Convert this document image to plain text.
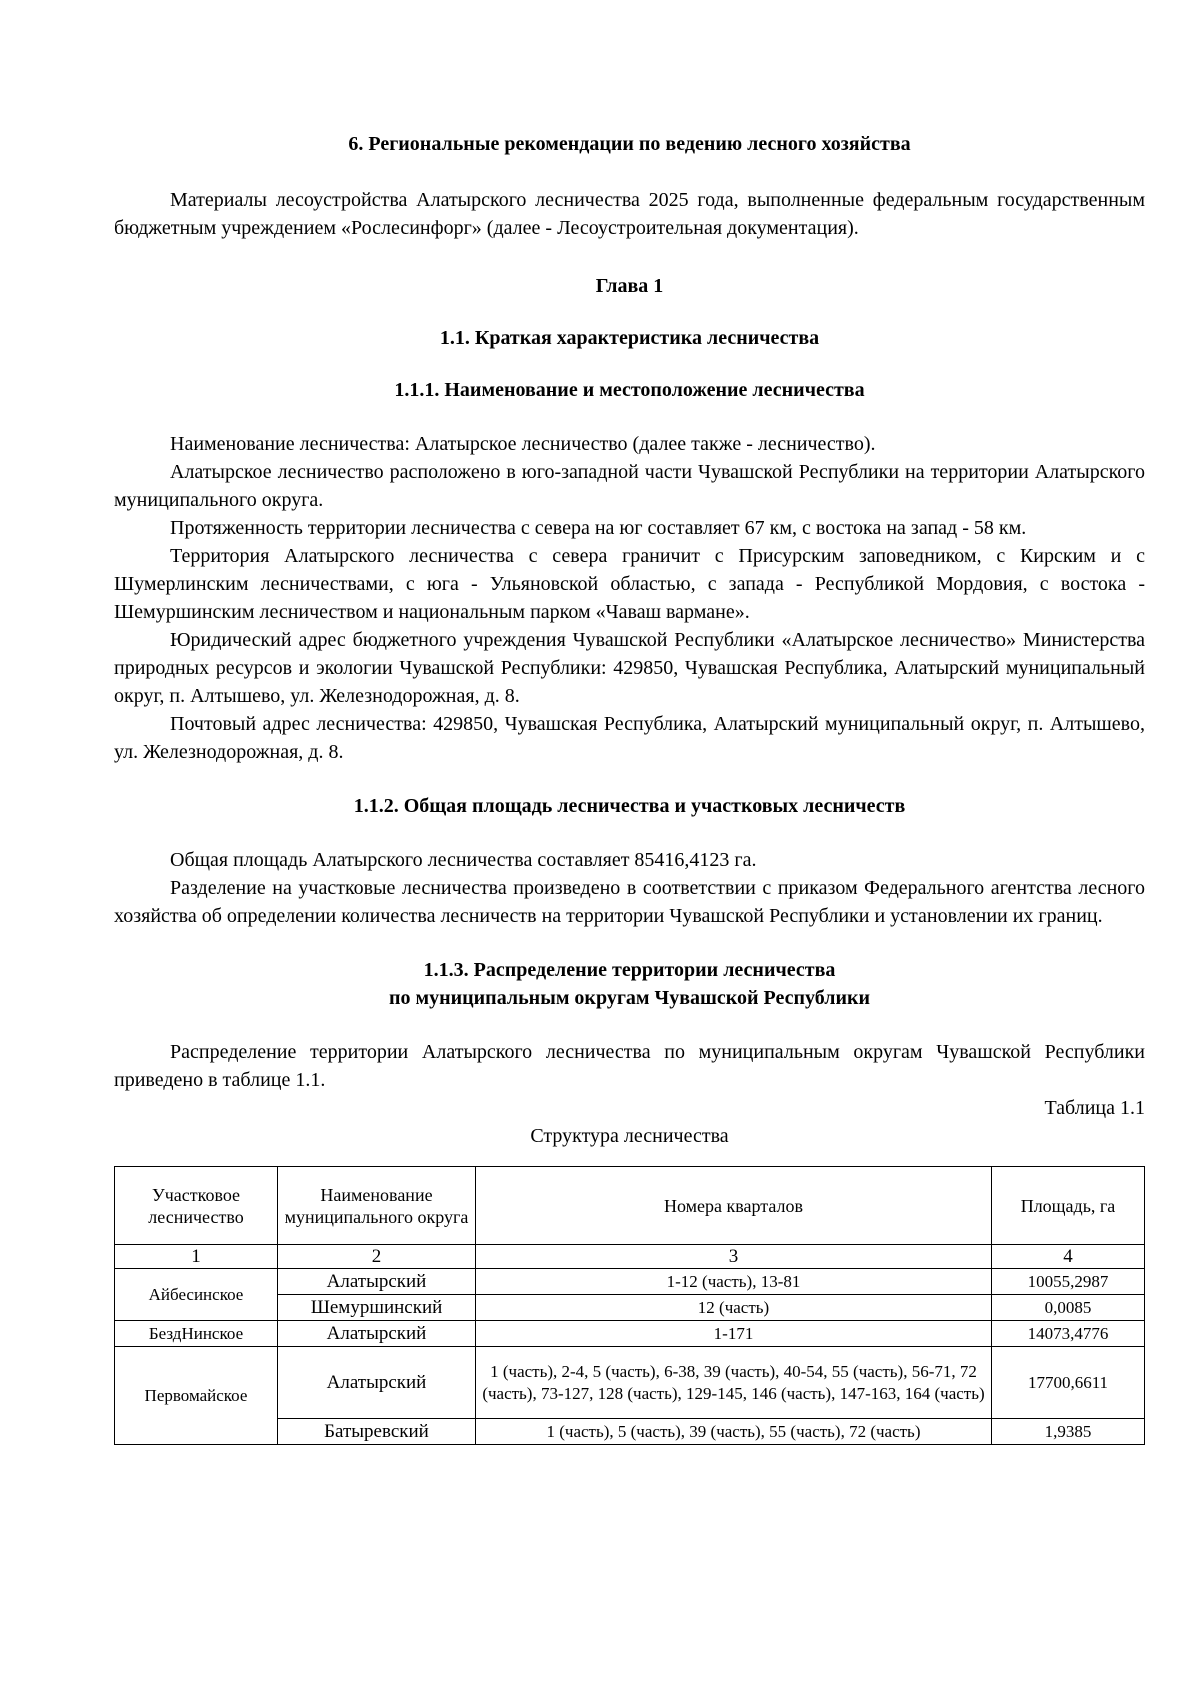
6. Региональные рекомендации по ведению лесного хозяйства

Материалы лесоустройства Алатырского лесничества 2025 года, выполненные федеральным государственным бюджетным учреждением «Рослесинфорг» (далее - Лесоустроительная документация).

Глава 1
1.1. Краткая характеристика лесничества
1.1.1. Наименование и местоположение лесничества

Наименование лесничества: Алатырское лесничество (далее также - лесничество).

Алатырское лесничество расположено в юго-западной части Чувашской Республики на территории Алатырского муниципального округа.

Протяженность территории лесничества с севера на юг составляет 67 км, с востока на запад - 58 км.

Территория Алатырского лесничества с севера граничит с Присурским заповедником, с Кирским и с Шумерлинским лесничествами, с юга - Ульяновской областью, с запада - Республикой Мордовия, с востока - Шемуршинским лесничеством и национальным парком «Чаваш вармане».

Юридический адрес бюджетного учреждения Чувашской Республики «Алатырское лесничество» Министерства природных ресурсов и экологии Чувашской Республики: 429850, Чувашская Республика, Алатырский муниципальный округ, п. Алтышево, ул. Железнодорожная, д. 8.

Почтовый адрес лесничества: 429850, Чувашская Республика, Алатырский муниципальный округ, п. Алтышево, ул. Железнодорожная, д. 8.

1.1.2. Общая площадь лесничества и участковых лесничеств

Общая площадь Алатырского лесничества составляет 85416,4123 га.

Разделение на участковые лесничества произведено в соответствии с приказом Федерального агентства лесного хозяйства об определении количества лесничеств на территории Чувашской Республики и установлении их границ.

1.1.3. Распределение территории лесничества
по муниципальным округам Чувашской Республики

Распределение территории Алатырского лесничества по муниципальным округам Чувашской Республики приведено в таблице 1.1.

Таблица 1.1
Структура лесничества
Участковое лесничество	Наименование муниципального округа	Номера кварталов	Площадь, га
1	2	3	4
Айбесинское	Алатырский	1-12 (часть), 13-81	10055,2987
	Шемуршинский	12 (часть)	0,0085
БездНинское	Алатырский	1-171	14073,4776
Первомайское	Алатырский	1 (часть), 2-4, 5 (часть), 6-38, 39 (часть), 40-54, 55 (часть), 56-71, 72 (часть), 73-127, 128 (часть), 129-145, 146 (часть), 147-163, 164 (часть)	17700,6611
	Батыревский	1 (часть), 5 (часть), 39 (часть), 55 (часть), 72 (часть)	1,9385
